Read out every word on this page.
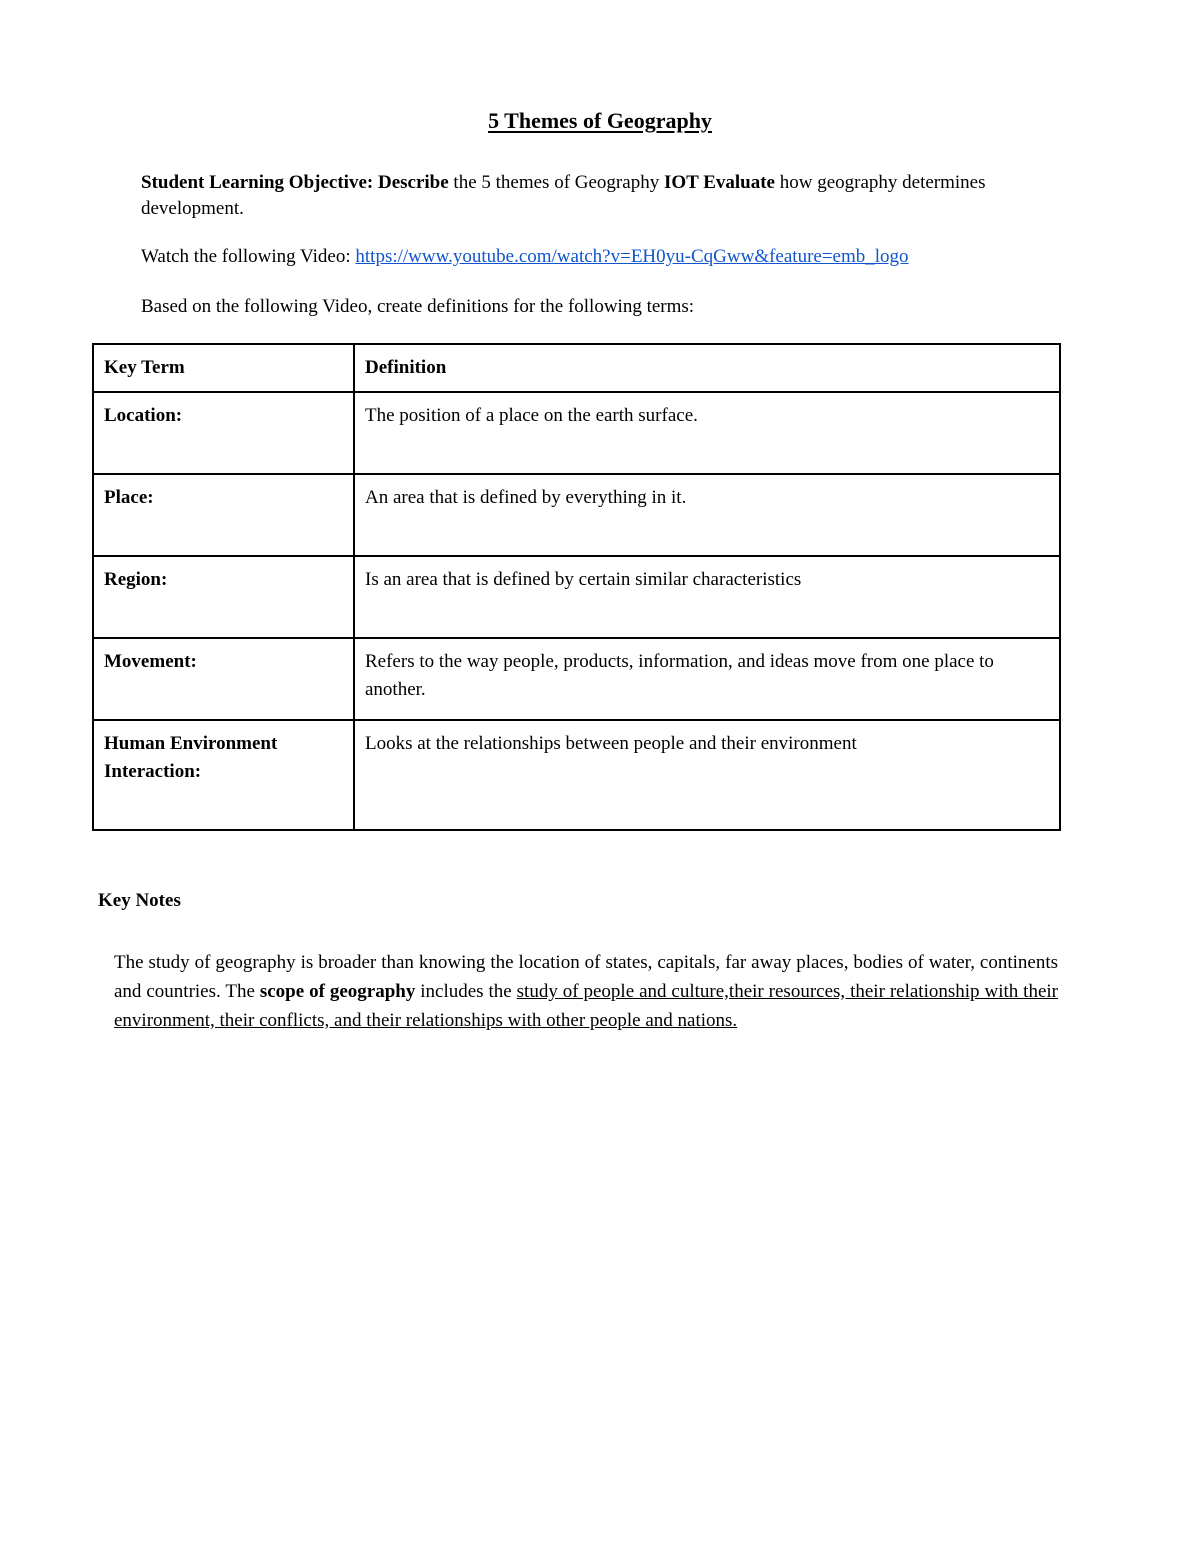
5 Themes of Geography
Student Learning Objective: Describe the 5 themes of Geography IOT Evaluate how geography determines development.
Watch the following Video: https://www.youtube.com/watch?v=EH0yu-CqGww&feature=emb_logo
Based on the following Video, create definitions for the following terms:
Key Term	Definition
Location:	The position of a place on the earth surface.
Place:	An area that is defined by everything in it.
Region:	Is an area that is defined by certain similar characteristics
Movement:	Refers to the way people, products, information, and ideas move from one place to another.
Human Environment Interaction:	Looks at the relationships between people and their environment
Key Notes
The study of geography is broader than knowing the location of states, capitals, far away places, bodies of water, continents and countries. The scope of geography includes the study of people and culture,their resources, their relationship with their environment, their conflicts, and their relationships with other people and nations.
